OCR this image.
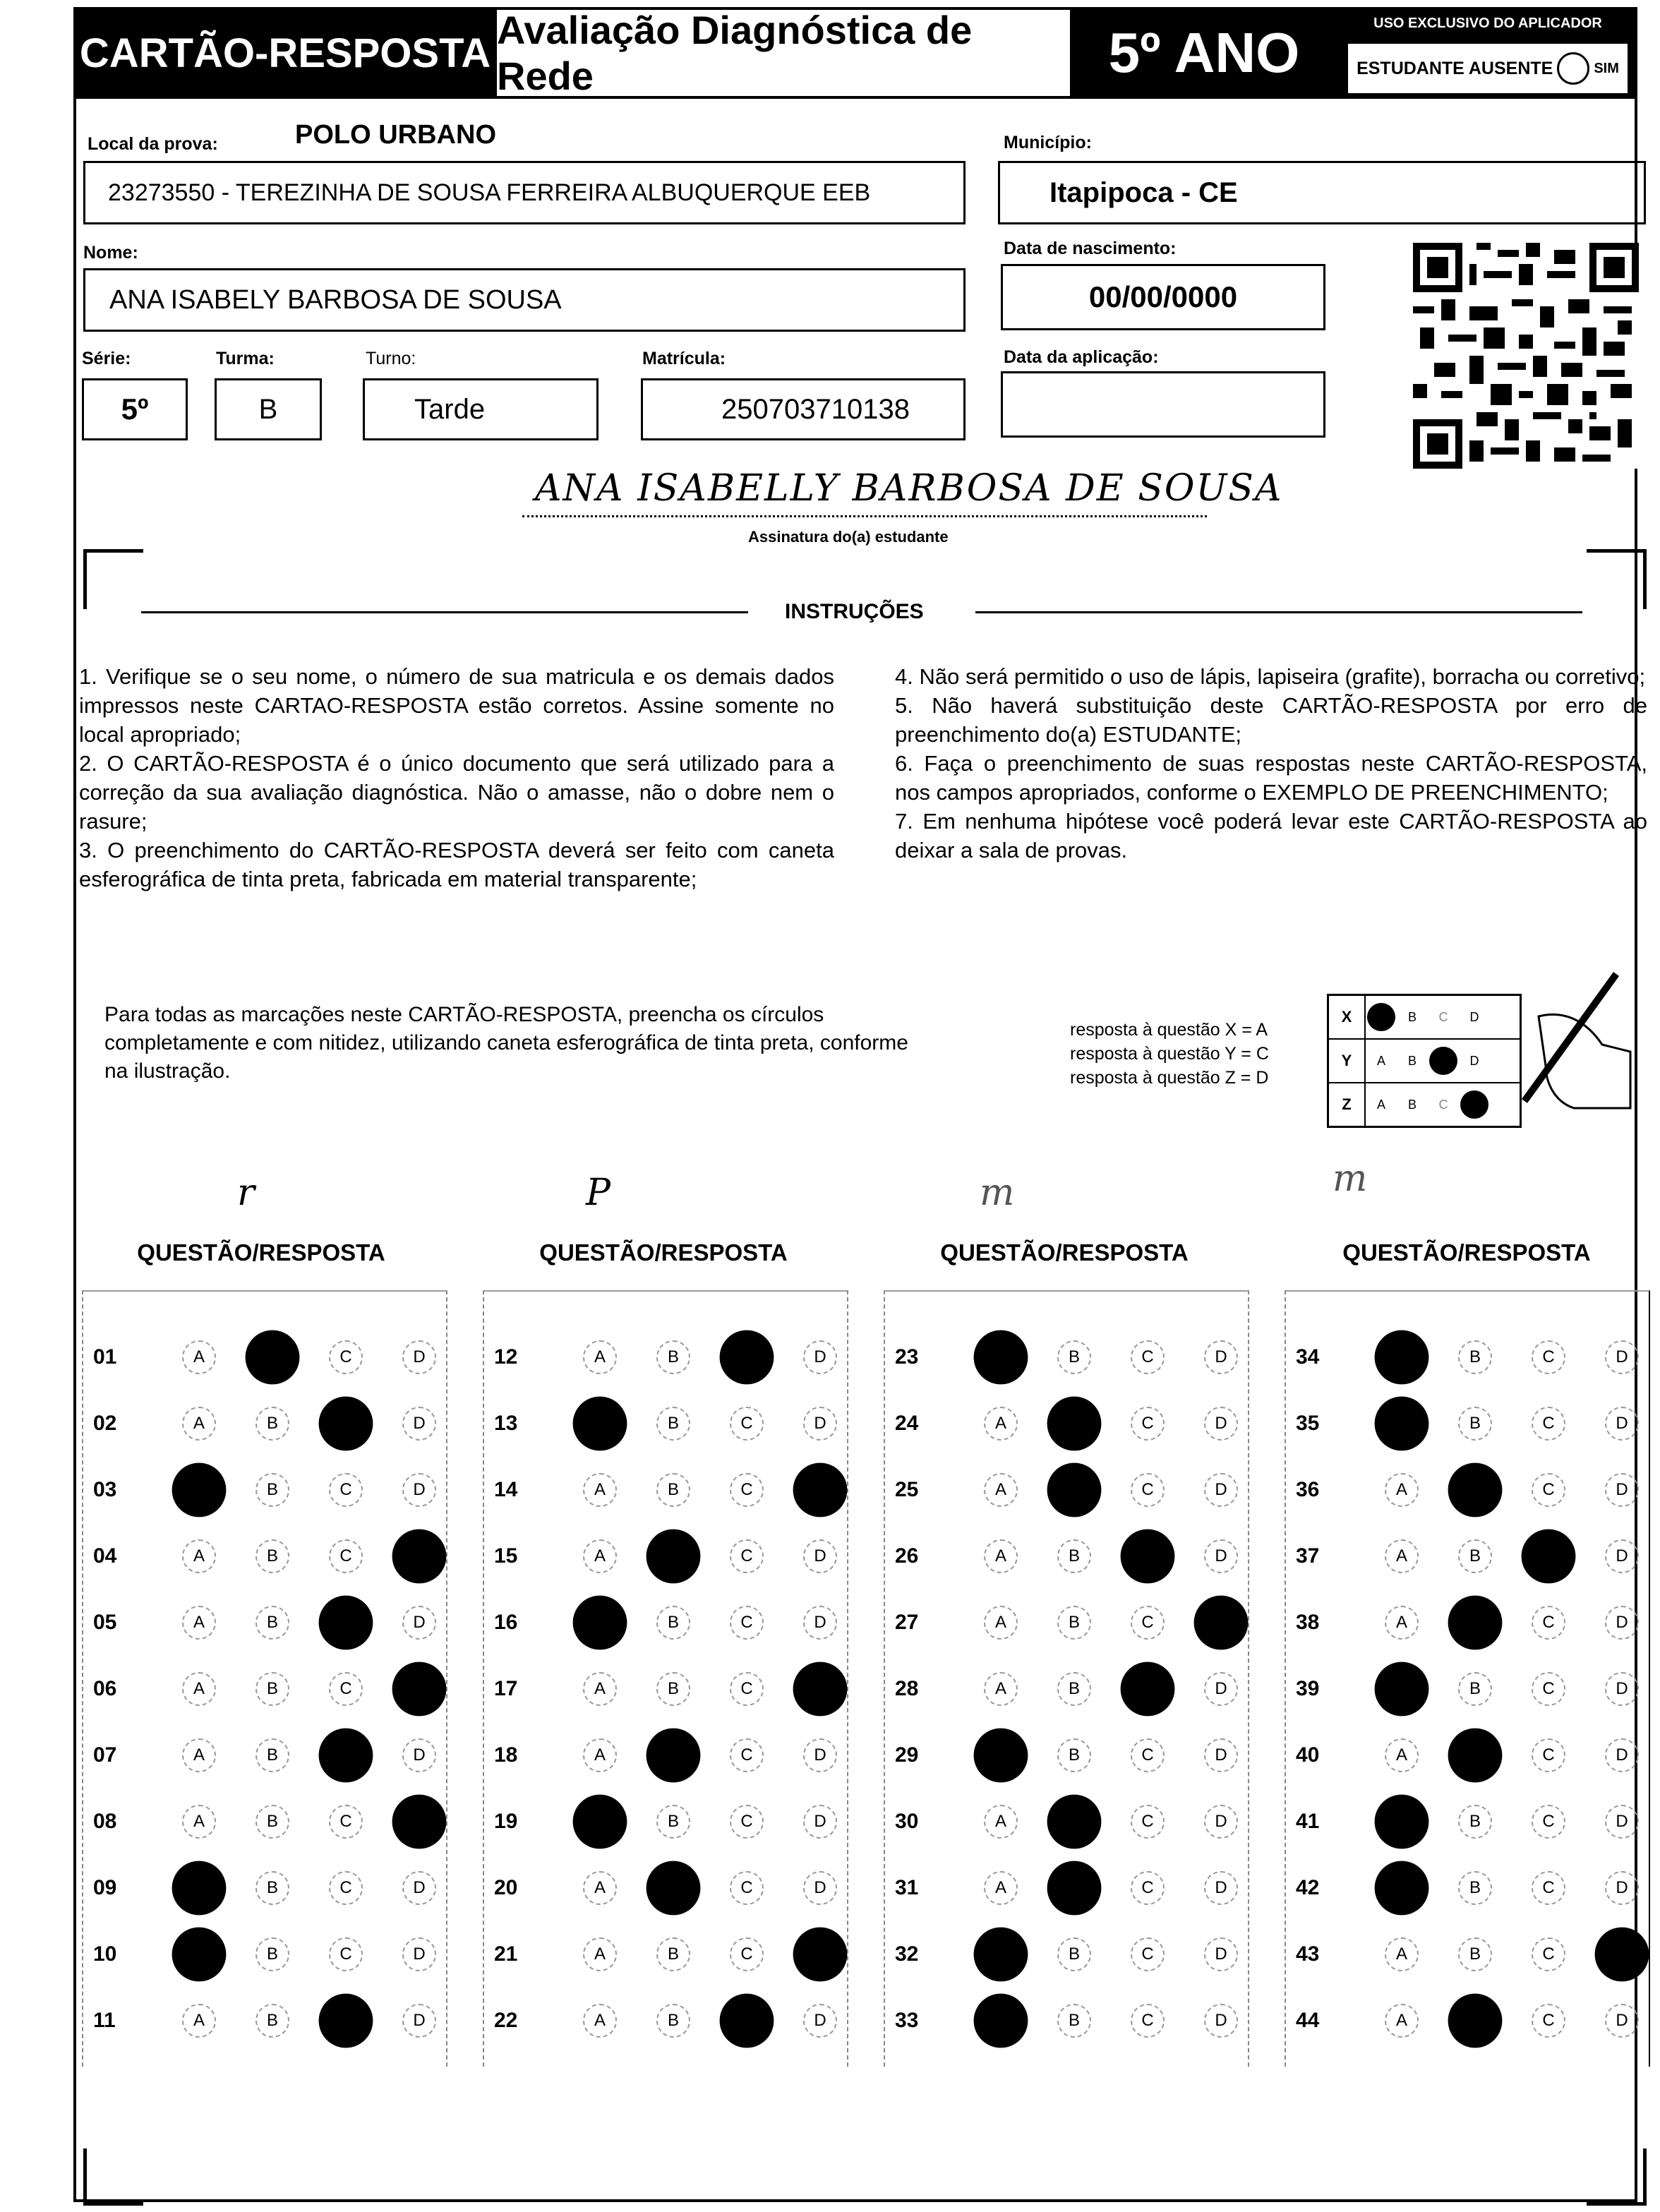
CARTÃO-RESPOSTA Avaliação Diagnóstica de Rede	5º ANO	USO EXCLUSIVO DO APLICADOR
ESTUDANTE AUSENTE	SIM
Local da prova:	POLO URBANO	Município:
23273550 - TEREZINHA DE SOUSA FERREIRA ALBUQUERQUE EEB	Itapipoca - CE
Nome:	Data de nascimento:
ANA ISABELY BARBOSA DE SOUSA	00/00/0000
Série:	Turma:	Turno:	Matrícula:	Data da aplicação:
5º	B	Tarde	250703710138
ANA ISABELLY BARBOSA DE SOUSA
Assinatura do(a) estudante
INSTRUÇÕES

1. Verifique se o seu nome, o número de sua matricula e os demais dados impressos neste CARTAO-RESPOSTA estão corretos. Assine somente no local apropriado;

2. O CARTÃO-RESPOSTA é o único documento que será utilizado para a correção da sua avaliação diagnóstica. Não o amasse, não o dobre nem o rasure;

3. O preenchimento do CARTÃO-RESPOSTA deverá ser feito com caneta esferográfica de tinta preta, fabricada em material transparente;

4. Não será permitido o uso de lápis, lapiseira (grafite), borracha ou corretivo;

5. Não haverá substituição deste CARTÃO-RESPOSTA por erro de preenchimento do(a) ESTUDANTE;

6. Faça o preenchimento de suas respostas neste CARTÃO-RESPOSTA, nos campos apropriados, conforme o EXEMPLO DE PREENCHIMENTO;

7. Em nenhuma hipótese você poderá levar este CARTÃO-RESPOSTA ao deixar a sala de provas.

Para todas as marcações neste CARTÃO-RESPOSTA, preencha os círculos completamente e com nitidez, utilizando caneta esferográfica de tinta preta, conforme na ilustração.
resposta à questão X = A
resposta à questão Y = C
resposta à questão Z = D
X	B	C	D
Y	A	B	D
Z	A	B	C
r	P	m	m
QUESTÃO/RESPOSTA	QUESTÃO/RESPOSTA	QUESTÃO/RESPOSTA	QUESTÃO/RESPOSTA
01	A	B	C	D
02	A	B	C	D
03	A	B	C	D
04	A	B	C	D
05	A	B	C	D
06	A	B	C	D
07	A	B	C	D
08	A	B	C	D
09	A	B	C	D
10	A	B	C	D
11	A	B	C	D
12	A	B	C	D
13	A	B	C	D
14	A	B	C	D
15	A	B	C	D
16	A	B	C	D
17	A	B	C	D
18	A	B	C	D
19	A	B	C	D
20	A	B	C	D
21	A	B	C	D
22	A	B	C	D
23	A	B	C	D
24	A	B	C	D
25	A	B	C	D
26	A	B	C	D
27	A	B	C	D
28	A	B	C	D
29	A	B	C	D
30	A	B	C	D
31	A	B	C	D
32	A	B	C	D
33	A	B	C	D
34	A	B	C	D
35	A	B	C	D
36	A	B	C	D
37	A	B	C	D
38	A	B	C	D
39	A	B	C	D
40	A	B	C	D
41	A	B	C	D
42	A	B	C	D
43	A	B	C	D
44	A	B	C	D
